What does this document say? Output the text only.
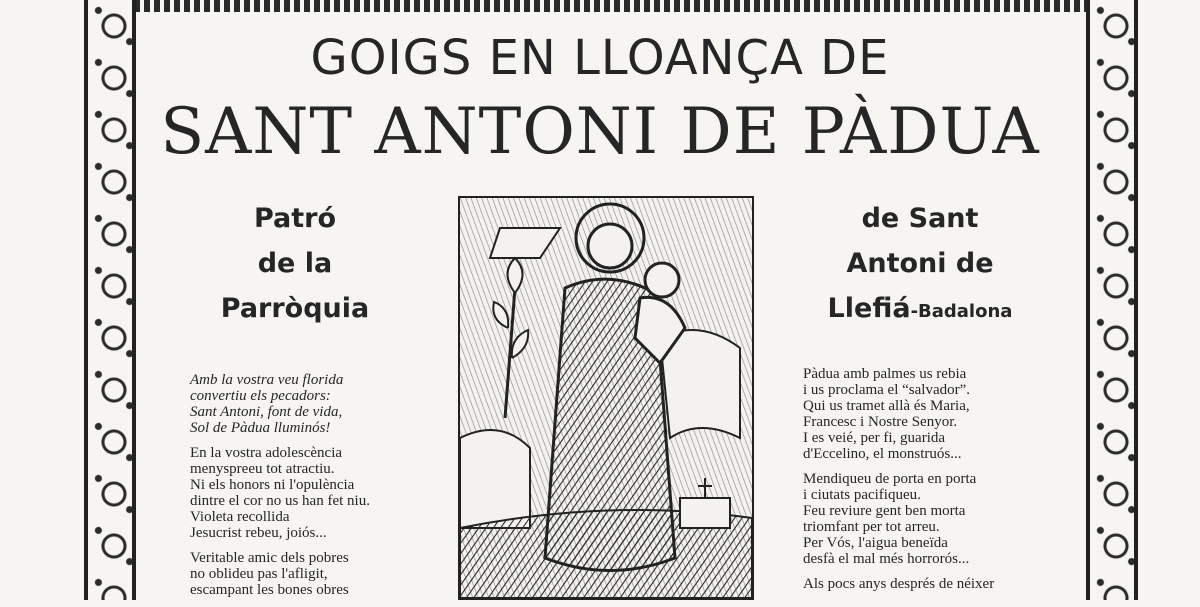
GOIGS EN LLOANÇA DE
SANT ANTONI DE PÀDUA
Patró
de la
Parròquia
de Sant
Antoni de
Llefiá-Badalona
Amb la vostra veu florida
convertiu els pecadors:
Sant Antoni, font de vida,
Sol de Pàdua lluminós!
En la vostra adolescència
menyspreeu tot atractiu.
Ni els honors ni l'opulència
dintre el cor no us han fet niu.
Violeta recollida
Jesucrist rebeu, joiós...
Veritable amic dels pobres
no oblideu pas l'afligit,
escampant les bones obres
Pàdua amb palmes us rebia
i us proclama el “salvador”.
Qui us tramet allà és Maria,
Francesc i Nostre Senyor.
I es veié, per fi, guarida
d'Eccelino, el monstruós...
Mendiqueu de porta en porta
i ciutats pacifiqueu.
Feu reviure gent ben morta
triomfant per tot arreu.
Per Vós, l'aigua beneïda
desfà el mal més horrorós...
Als pocs anys després de néixer
